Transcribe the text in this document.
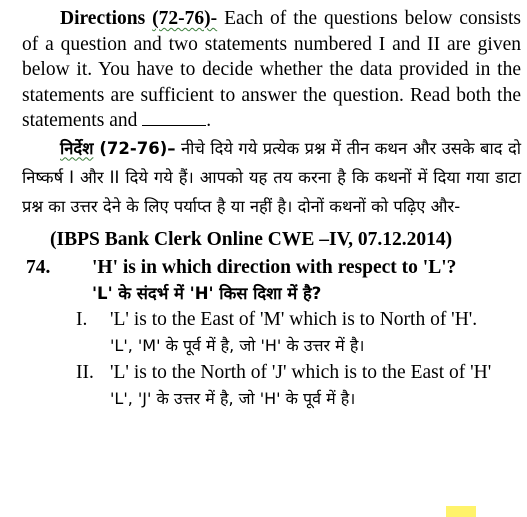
Directions (72-76)- Each of the questions below consists of a question and two statements numbered I and II are given below it. You have to decide whether the data provided in the statements are sufficient to answer the question. Read both the statements and	.

निर्देश (72-76)– नीचे दिये गये प्रत्येक प्रश्न में तीन कथन और उसके बाद दो निष्कर्ष I और II दिये गये हैं। आपको यह तय करना है कि कथनों में दिया गया डाटा प्रश्न का उत्तर देने के लिए पर्याप्त है या नहीं है। दोनों कथनों को पढ़िए और-

(IBPS Bank Clerk Online CWE –IV, 07.12.2014)
74.	'H' is in which direction with respect to 'L'?

'L' के संदर्भ में 'H' किस दिशा में है?

I.	'L' is to the East of 'M' which is to North of 'H'.

'L', 'M' के पूर्व में है, जो 'H' के उत्तर में है।

II. 'L' is to the North of 'J' which is to the East of 'H'

'L', 'J' के उत्तर में है, जो 'H' के पूर्व में है।
